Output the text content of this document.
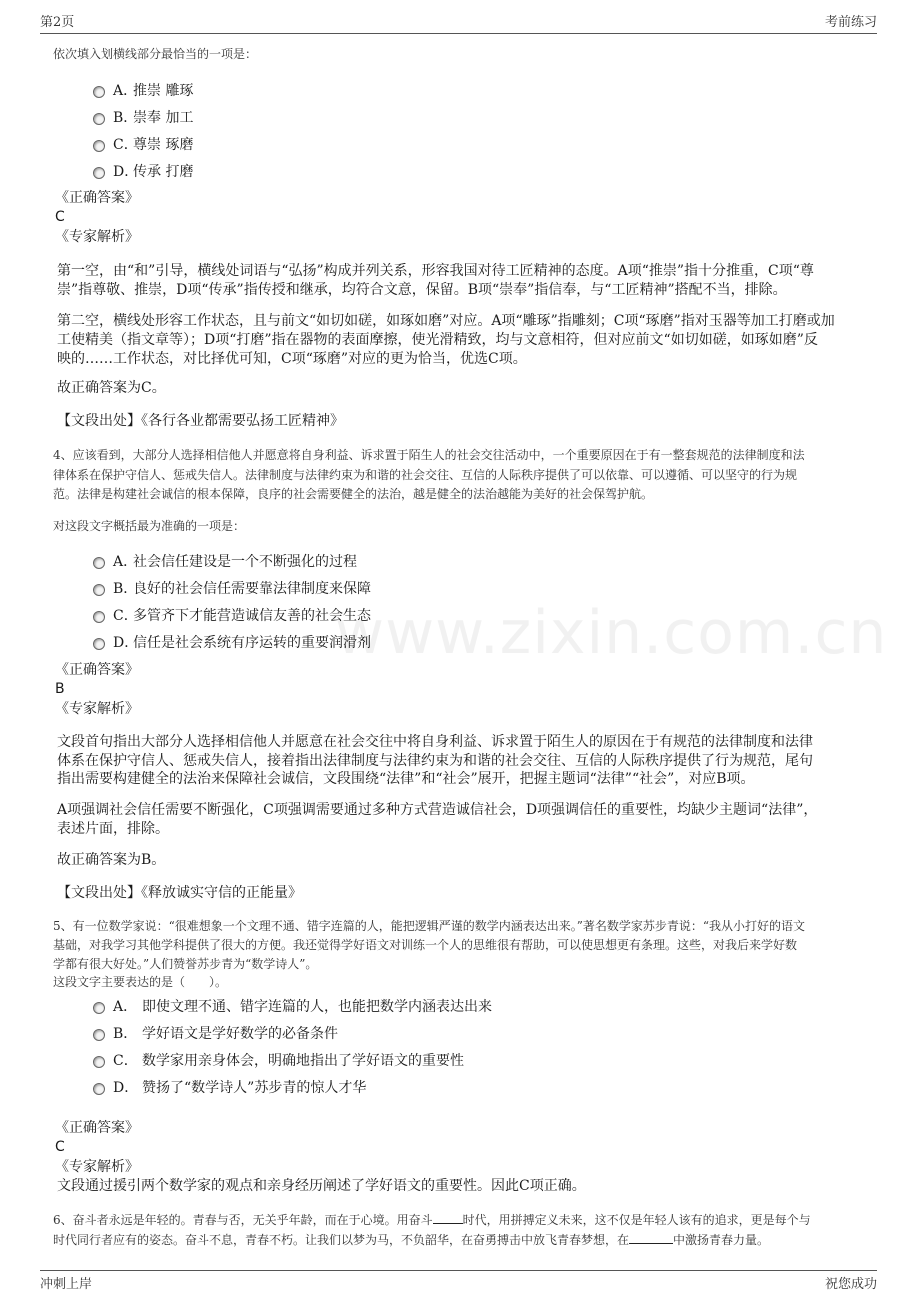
第2页	考前练习
www.zixin.com.cn
依次填入划横线部分最恰当的一项是：
A．
推崇 雕琢
B．
崇奉 加工
C．
尊崇 琢磨
D．
传承 打磨
《正确答案》
C
《专家解析》
第一空，由“和”引导，横线处词语与“弘扬”构成并列关系，形容我国对待工匠精神的态度。A项“推崇”指十分推重，C项“尊
崇”指尊敬、推崇，D项“传承”指传授和继承，均符合文意，保留。B项“崇奉”指信奉，与“工匠精神”搭配不当，排除。
第二空，横线处形容工作状态，且与前文“如切如磋，如琢如磨”对应。A项“雕琢”指雕刻；C项“琢磨”指对玉器等加工打磨或加
工使精美（指文章等）；D项“打磨”指在器物的表面摩擦，使光滑精致，均与文意相符，但对应前文“如切如磋，如琢如磨”反
映的……工作状态，对比择优可知，C项“琢磨”对应的更为恰当，优选C项。
故正确答案为C。
【文段出处】《各行各业都需要弘扬工匠精神》
4、应该看到，大部分人选择相信他人并愿意将自身利益、诉求置于陌生人的社会交往活动中，一个重要原因在于有一整套规范的法律制度和法
律体系在保护守信人、惩戒失信人。法律制度与法律约束为和谐的社会交往、互信的人际秩序提供了可以依靠、可以遵循、可以坚守的行为规
范。法律是构建社会诚信的根本保障，良序的社会需要健全的法治，越是健全的法治越能为美好的社会保驾护航。
对这段文字概括最为准确的一项是：
A．
社会信任建设是一个不断强化的过程
B．
良好的社会信任需要靠法律制度来保障
C．
多管齐下才能营造诚信友善的社会生态
D．
信任是社会系统有序运转的重要润滑剂
《正确答案》
B
《专家解析》
文段首句指出大部分人选择相信他人并愿意在社会交往中将自身利益、诉求置于陌生人的原因在于有规范的法律制度和法律
体系在保护守信人、惩戒失信人，接着指出法律制度与法律约束为和谐的社会交往、互信的人际秩序提供了行为规范，尾句
指出需要构建健全的法治来保障社会诚信，文段围绕“法律”和“社会”展开，把握主题词“法律”“社会”，对应B项。
A项强调社会信任需要不断强化，C项强调需要通过多种方式营造诚信社会，D项强调信任的重要性，均缺少主题词“法律”，
表述片面，排除。
故正确答案为B。
【文段出处】《释放诚实守信的正能量》
5、有一位数学家说：“很难想象一个文理不通、错字连篇的人，能把逻辑严谨的数学内涵表达出来。”著名数学家苏步青说：“我从小打好的语文
基础，对我学习其他学科提供了很大的方便。我还觉得学好语文对训练一个人的思维很有帮助，可以使思想更有条理。这些，对我后来学好数
学都有很大好处。”人们赞誉苏步青为“数学诗人”。
这段文字主要表达的是（　　）。
A． 即使文理不通、错字连篇的人，也能把数学内涵表达出来
B． 学好语文是学好数学的必备条件
C． 数学家用亲身体会，明确地指出了学好语文的重要性
D． 赞扬了“数学诗人”苏步青的惊人才华
《正确答案》
C
《专家解析》
文段通过援引两个数学家的观点和亲身经历阐述了学好语文的重要性。因此C项正确。
6、奋斗者永远是年轻的。青春与否，无关乎年龄，而在于心境。用奋斗	时代，用拼搏定义未来，这不仅是年轻人该有的追求，更是每个与
时代同行者应有的姿态。奋斗不息，青春不朽。让我们以梦为马，不负韶华，在奋勇搏击中放飞青春梦想，在	中激扬青春力量。
冲刺上岸	祝您成功
